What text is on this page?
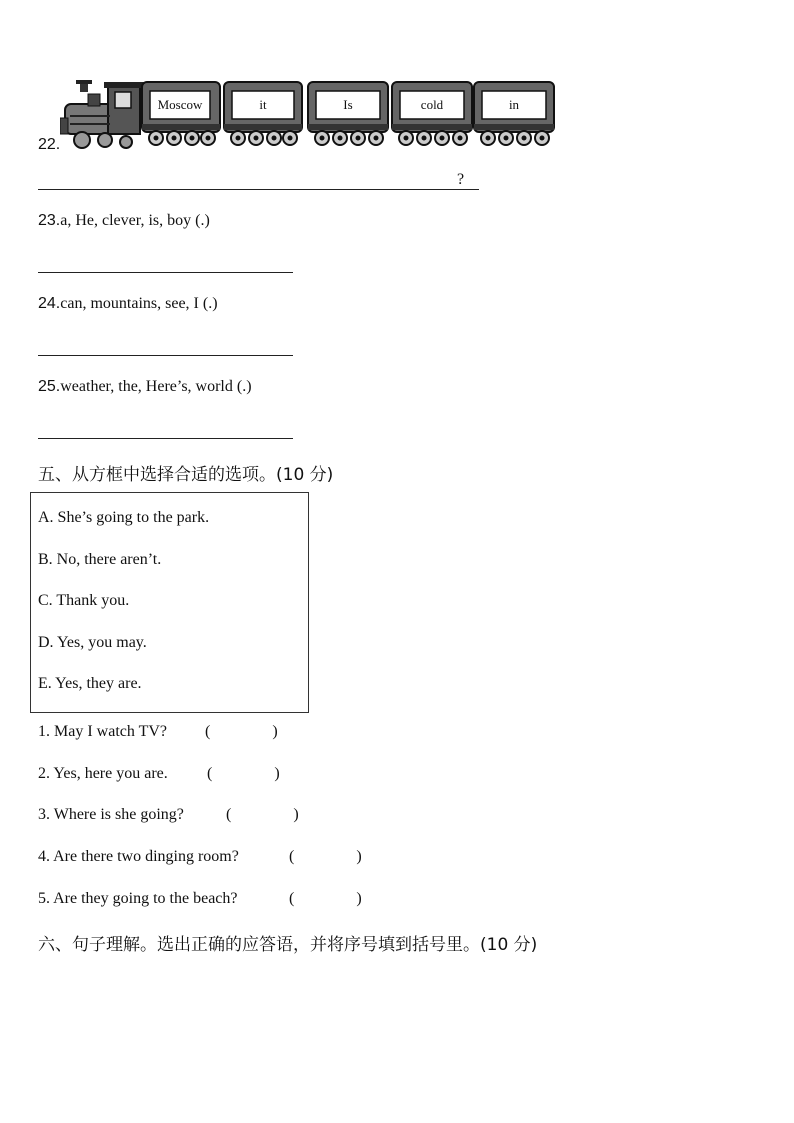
Moscow	it	Is	cold	in
22.
?
23.a, He, clever, is, boy (.)
24.can, mountains, see, I (.)
25.weather, the, Here’s, world (.)
五、从方框中选择合适的选项。(10 分)
A. She’s going to the park.
B. No, there aren’t.
C. Thank you.
D. Yes, you may.
E. Yes, they are.
1. May I watch TV? (	)
2. Yes, here you are. (	)
3. Where is she going?	(	)
4. Are there two dinging room?	(	)
5. Are they going to the beach?	(	)
六、句子理解。选出正确的应答语，并将序号填到括号里。(10 分)
